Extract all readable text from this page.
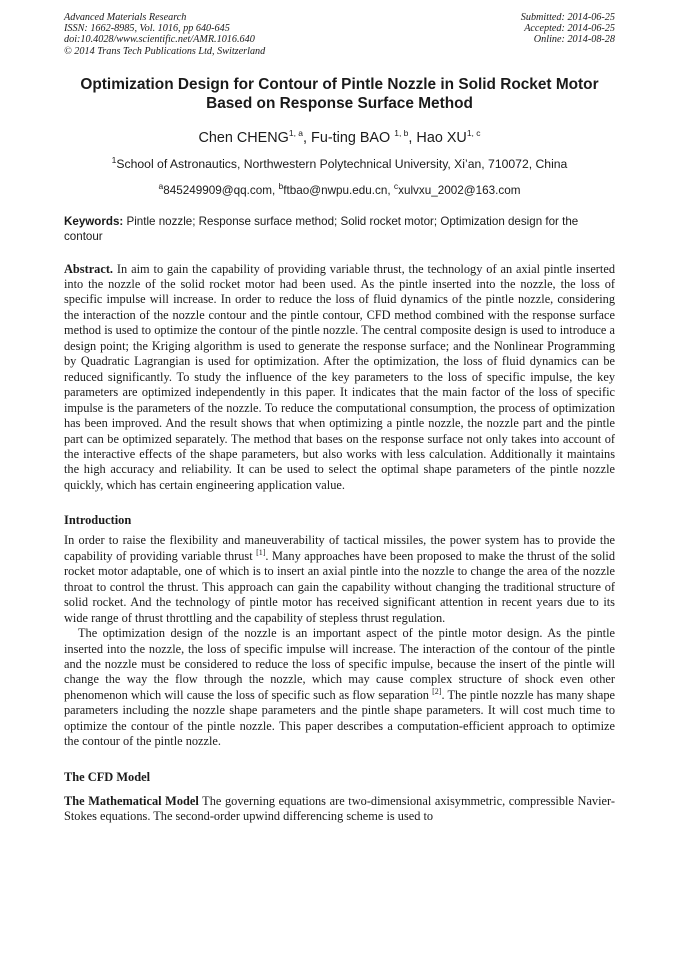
Advanced Materials Research
ISSN: 1662-8985, Vol. 1016, pp 640-645
doi:10.4028/www.scientific.net/AMR.1016.640
© 2014 Trans Tech Publications Ltd, Switzerland
Submitted: 2014-06-25
Accepted: 2014-06-25
Online: 2014-08-28
Optimization Design for Contour of Pintle Nozzle in Solid Rocket Motor
Based on Response Surface Method
Chen CHENG$^{1, a}$, Fu-ting BAO $^{1, b}$, Hao XU$^{1, c}$
$^1$School of Astronautics, Northwestern Polytechnical University, Xi’an, 710072, China
$^a$845249909@qq.com, $^b$ftbao@nwpu.edu.cn, $^c$xulvxu_2002@163.com
Keywords: Pintle nozzle; Response surface method; Solid rocket motor; Optimization design for the contour
Abstract. In aim to gain the capability of providing variable thrust, the technology of an axial pintle inserted into the nozzle of the solid rocket motor had been used. As the pintle inserted into the nozzle, the loss of specific impulse will increase. In order to reduce the loss of fluid dynamics of the pintle nozzle, considering the interaction of the nozzle contour and the pintle contour, CFD method combined with the response surface method is used to optimize the contour of the pintle nozzle. The central composite design is used to introduce a design point; the Kriging algorithm is used to generate the response surface; and the Nonlinear Programming by Quadratic Lagrangian is used for optimization. After the optimization, the loss of fluid dynamics can be reduced significantly. To study the influence of the key parameters to the loss of specific impulse, the key parameters are optimized independently in this paper. It indicates that the main factor of the loss of specific impulse is the parameters of the nozzle. To reduce the computational consumption, the process of optimization has been improved. And the result shows that when optimizing a pintle nozzle, the nozzle part and the pintle part can be optimized separately. The method that bases on the response surface not only takes into account of the interactive effects of the shape parameters, but also works with less calculation. Additionally it maintains the high accuracy and reliability. It can be used to select the optimal shape parameters of the pintle nozzle quickly, which has certain engineering application value.
Introduction

In order to raise the flexibility and maneuverability of tactical missiles, the power system has to provide the capability of providing variable thrust [1]. Many approaches have been proposed to make the thrust of the solid rocket motor adaptable, one of which is to insert an axial pintle into the nozzle to change the area of the nozzle throat to control the thrust. This approach can gain the capability without changing the traditional structure of solid rocket. And the technology of pintle motor has received significant attention in recent years due to its wide range of thrust throttling and the capability of stepless thrust regulation.

The optimization design of the nozzle is an important aspect of the pintle motor design. As the pintle inserted into the nozzle, the loss of specific impulse will increase. The interaction of the contour of the pintle and the nozzle must be considered to reduce the loss of specific impulse, because the insert of the pintle will change the way the flow through the nozzle, which may cause complex structure of shock even other phenomenon which will cause the loss of specific such as flow separation [2]. The pintle nozzle has many shape parameters including the nozzle shape parameters and the pintle shape parameters. It will cost much time to optimize the contour of the pintle nozzle. This paper describes a computation-efficient approach to optimize the contour of the pintle nozzle.

The CFD Model

The Mathematical Model The governing equations are two-dimensional axisymmetric, compressible Navier-Stokes equations. The second-order upwind differencing scheme is used to
